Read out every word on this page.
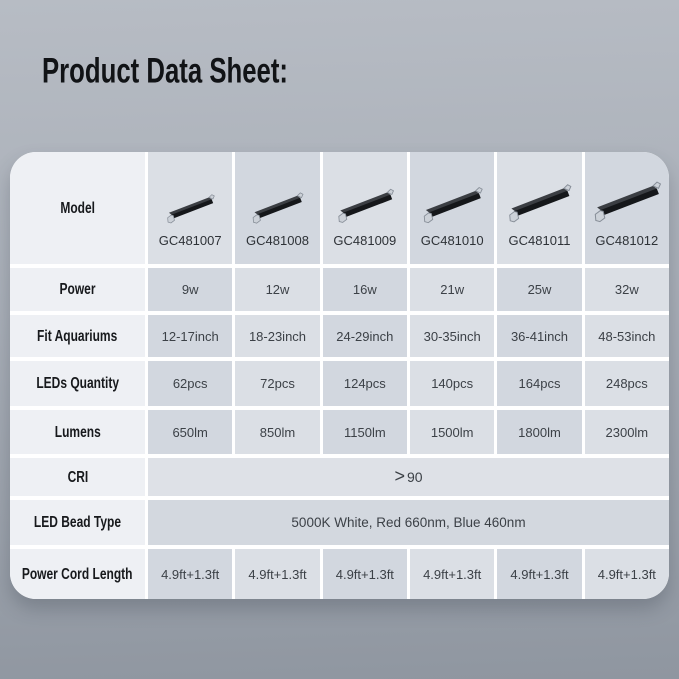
Product Data Sheet:
Model
GC481007 GC481008 GC481009 GC481010 GC481011 GC481012
Power	9w	12w	16w	21w	25w	32w
Fit Aquariums	12-17inch	18-23inch	24-29inch	30-35inch	36-41inch	48-53inch
LEDs Quantity	62pcs	72pcs	124pcs	140pcs	164pcs	248pcs
Lumens	650lm	850lm	1150lm	1500lm	1800lm	2300lm
CRI	> 90
LED Bead Type	5000K White, Red 660nm, Blue 460nm
Power Cord Length	4.9ft+1.3ft	4.9ft+1.3ft	4.9ft+1.3ft	4.9ft+1.3ft	4.9ft+1.3ft	4.9ft+1.3ft
